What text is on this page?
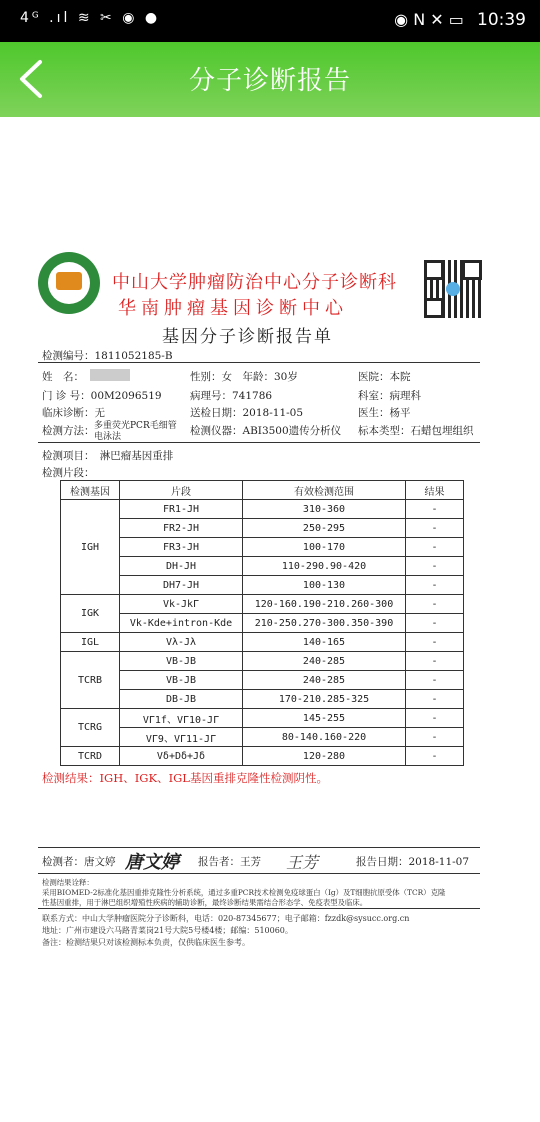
4ᴳ .ıl ≋ ✂ ◉ ●	◉ N ✕ ▭ 10:39
分子诊断报告
中山大学肿瘤防治中心分子诊断科
华南肿瘤基因诊断中心
基因分子诊断报告单
检测编号：1811052185-B
姓　名：	性别：女　年龄：30岁	医院：本院
门 诊 号：00M2096519	病理号：741786	科室：病理科
临床诊断：无	送检日期：2018-11-05	医生：杨平
检测方法： 多重荧光PCR毛细管
电泳法	检测仪器：ABI3500遗传分析仪 标本类型：石蜡包埋组织
检测项目：　淋巴瘤基因重排
检测片段：
检测基因	片段	有效检测范围	结果
IGH	FR1-JH	310-360	-
	FR2-JH	250-295	-
	FR3-JH	100-170	-
	DH-JH	110-290.90-420	-
	DH7-JH	100-130	-
IGK	Vk-JkΓ	120-160.190-210.260-300	-
	Vk-Kde+intron-Kde	210-250.270-300.350-390	-
IGL	Vλ-Jλ	140-165	-
TCRB	VB-JB	240-285	-
	VB-JB	240-285	-
	DB-JB	170-210.285-325	-
TCRG	VΓ1f、VΓ10-JΓ	145-255	-
	VΓ9、VΓ11-JΓ	80-140.160-220	-
TCRD	Vδ+Dδ+Jδ	120-280	-
检测结果：IGH、IGK、IGL基因重排克隆性检测阴性。
检测者：唐文婷 唐文婷 报告者：王芳 王芳	报告日期：2018-11-07
检测结果诠释：
采用BIOMED-2标准化基因重排克隆性分析系统，通过多重PCR技术检测免疫球蛋白（Ig）及T细胞抗原受体（TCR）克隆
性基因重排，用于淋巴组织增殖性疾病的辅助诊断，最终诊断结果需结合形态学、免疫表型及临床。
联系方式：中山大学肿瘤医院分子诊断科，电话：020-87345677；电子邮箱：fzzdk@sysucc.org.cn
地址：广州市建设六马路青菜岗21号大院5号楼4楼；邮编：510060。
备注：检测结果只对该检测标本负责，仅供临床医生参考。
